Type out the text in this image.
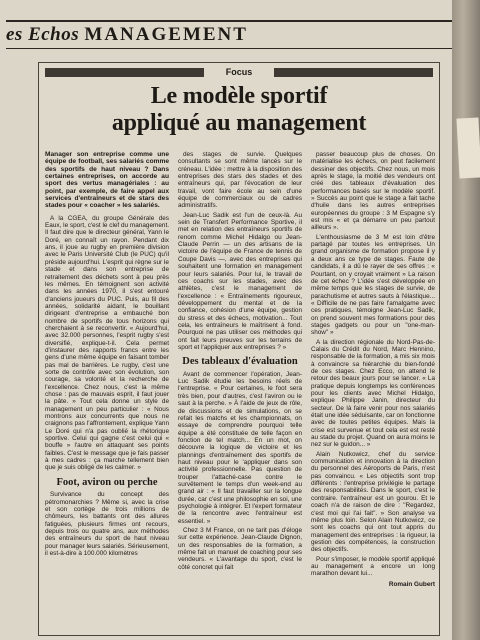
es Echos MANAGEMENT
Focus
Le modèle sportif
appliqué au management
Manager son entreprise comme une équipe de football, ses salariés comme des sportifs de haut niveau ? Dans certaines entreprises, on accorde au sport des vertus managériales : au point, par exemple, de faire appel aux services d'entraîneurs et de stars des stades pour « coacher » les salariés.

A la CGEA, du groupe Générale des Eaux, le sport, c'est le clef du management. Il faut dire que le directeur général, Yann le Doré, en connaît un rayon. Pendant dix ans, il joue au rugby en première division avec le Paris Université Club (le PUC) qu'il préside aujourd'hui. L'esprit qui règne sur le stade et dans son entreprise de retraitement des déchets sont à peu près les mêmes. En témoignent son activité dans les années 1970, il s'est entouré d'anciens joueurs du PUC. Puis, au fil des années, solidarité aidant, le bouillant dirigeant d'entreprise a embauché bon nombre de sportifs de tous horizons qui cherchaient à se reconvertir. « Aujourd'hui, avec 32.000 personnes, l'esprit rugby s'est diversifié, explique-t-il. Cela permet d'instaurer des rapports francs entre les gens d'une même équipe en faisant tomber pas mal de barrières. Le rugby, c'est une sorte de contrôle avec son évolution, son courage, sa volonté et la recherche de l'excellence. Chez nous, c'est la même chose : pas de mauvais esprit, il faut jouer la pâte. » Tout cela donne un style de management un peu particulier : « Nous montrons aux concurrents que nous ne craignons pas l'affrontement, explique Yann Le Doré qui n'a pas oublié la rhétorique sportive. Celui qui gagne c'est celui qui « bouffe » l'autre en attaquant ses points faibles. C'est le message que je fais passer à mes cadres : ça marche tellement bien que je suis obligé de les calmer. »

Foot, aviron ou perche

Survivance du concept des pétromonarchies ? Même si, avec la crise et son cortège de trois millions de chômeurs, les battants ont des allures fatiguées, plusieurs firmes ont recours, depuis trois ou quatre ans, aux méthodes des entraîneurs du sport de haut niveau pour manager leurs salariés. Sérieusement, il est-à-dire à 100.000 kilomètres

des stages de survie. Quelques consultants se sont même lancés sur le créneau. L'idée : mettre à la disposition des entreprises des stars des stades et des entraîneurs qui, par l'évocation de leur travail, vont faire école au sein d'une équipe de commerciaux ou de cadres administratifs.

Jean-Luc Sadik est l'un de ceux-là. Au sein de Transfert Performance Sportive, il met en relation des entraîneurs sportifs de renom comme Michel Hidalgo ou Jean-Claude Perrin — un des artisans de la victoire de l'équipe de France de tennis de Coupe Davis —, avec des entreprises qui souhaitent une formation en management pour leurs salariés. Pour lui, le travail de ces coachs sur les stades, avec des athlètes, c'est le management de l'excellence : « Entraînements rigoureux, développement du mental et de la confiance, cohésion d'une équipe, gestion du stress et des échecs, motivation... Tout cela, les entraîneurs le maîtrisent à fond. Pourquoi ne pas utiliser ces méthodes qui ont fait leurs preuves sur les terrains de sport et l'appliquer aux entreprises ? »

Des tableaux d'évaluation

Avant de commencer l'opération, Jean-Luc Sadik étudie les besoins réels de l'entreprise. « Pour certaines, le foot sera très bien, pour d'autres, c'est l'aviron ou le saut à la perche. » À l'aide de jeux de rôle, de discussions et de simulations, on se refait les matchs et les championnats, on essaye de comprendre pourquoi telle équipe a été constituée de telle façon en fonction de tel match... En un mot, on découvre la logique de victoire et les plannings d'entraînement des sportifs de haut niveau pour le 'appliquer dans son activité professionnelle. Pas question de trouper l'attaché-case contre le survêtement le temps d'un week-end au grand air : « Il faut travailler sur la longue durée, car c'est une philosophie en soi, une psychologie à intégrer. Et l'expert formateur de la rencontre avec l'entraîneur est essentiel. »

Chez 3 M France, on ne tarit pas d'éloge sur cette expérience. Jean-Claude Dignon, un des responsables de la formation, a même fait un manuel de coaching pour ses vendeurs. « L'avantage du sport, c'est le côté concret qui fait

passer beaucoup plus de choses. On matérialise les échecs, on peut facilement dessiner des objectifs. Chez nous, un mois après le stage, la moitié des vendeurs ont créé des tableaux d'évaluation des performances basés sur le modèle sportif. » Succès au point que le stage a fait tache d'huile dans les autres entreprises européennes du groupe : 3 M Espagne s'y est mis « et ça démarre un peu partout ailleurs ».

L'enthousiasme de 3 M est loin d'être partagé par toutes les entreprises. Un grand organisme de formation propose il y a deux ans ce type de stages. Faute de candidats, il a dû le rayer de ses offres : « Pourtant, on y croyait vraiment » La raison de cet échec ? L'idée s'est développée en même temps que les stages de survie, de parachutisme et autres sauts à l'élastique... « Difficile de ne pas faire l'amalgame avec ces pratiques, témoigne Jean-Luc Sadik, on prend souvent mes formations pour des stages gadgets ou pour un "one-man-show" »

A la direction régionale du Nord-Pas-de-Calais du Crédit du Nord, Marc Hennino, responsable de la formation, a mis six mois à convaincre sa hiérarchie du bien-fondé de ces stages. Chez Ecco, on attend le retour des beaux jours pour se lancer. « La pratique depuis longtemps les conférences pour les clients avec Michel Hidalgo, explique Philippe Janin, directeur du secteur. De là faire venir pour nos salariés était une idée séduisante, car on fonctionne avec de toutes petites équipes. Mais la crise est survenue et tout cela est est resté au stade du projet. Quand on aura moins le nez sur le guidon... »

Alain Nutkowicz, chef du service communication et innovation à la direction du personnel des Aéroports de Paris, n'est pas convaincu. « Les objectifs sont trop différents : l'entreprise privilégie le partage des responsabilités. Dans le sport, c'est le contraire. l'entraîneur est un gourou. Et le coach n'a de raison de dire : "Regardez, c'est moi qui l'ai fait". » Son analyse va même plus loin. Selon Alain Nutkowicz, ce sont les coachs qui ont tout appris du management des entreprises : la rigueur, la gestion des compétences, la construction des objectifs.

Pour s'imposer, le modèle sportif appliqué au management a encore un long marathon devant lui...

Romain Gubert
